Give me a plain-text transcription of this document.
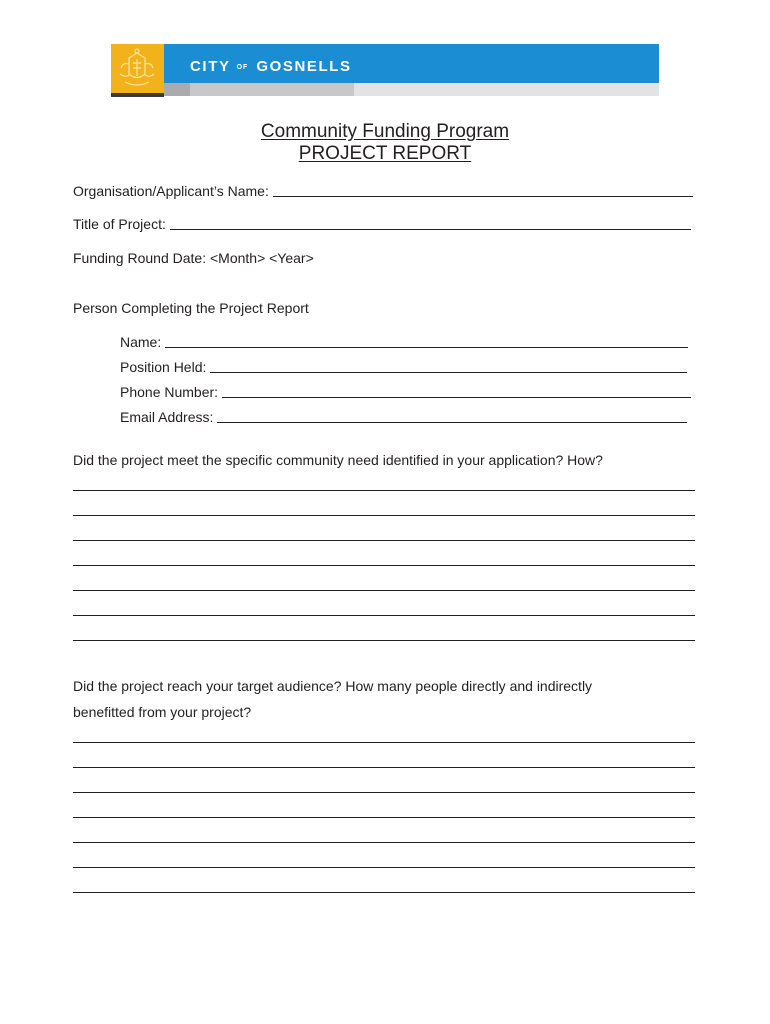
CITY OF GOSNELLS
Community Funding Program
PROJECT REPORT
Organisation/Applicant’s Name:
Title of Project:
Funding Round Date: <Month> <Year>
Person Completing the Project Report
Name:
Position Held:
Phone Number:
Email Address:
Did the project meet the specific community need identified in your application? How?
Did the project reach your target audience? How many people directly and indirectly
benefitted from your project?
